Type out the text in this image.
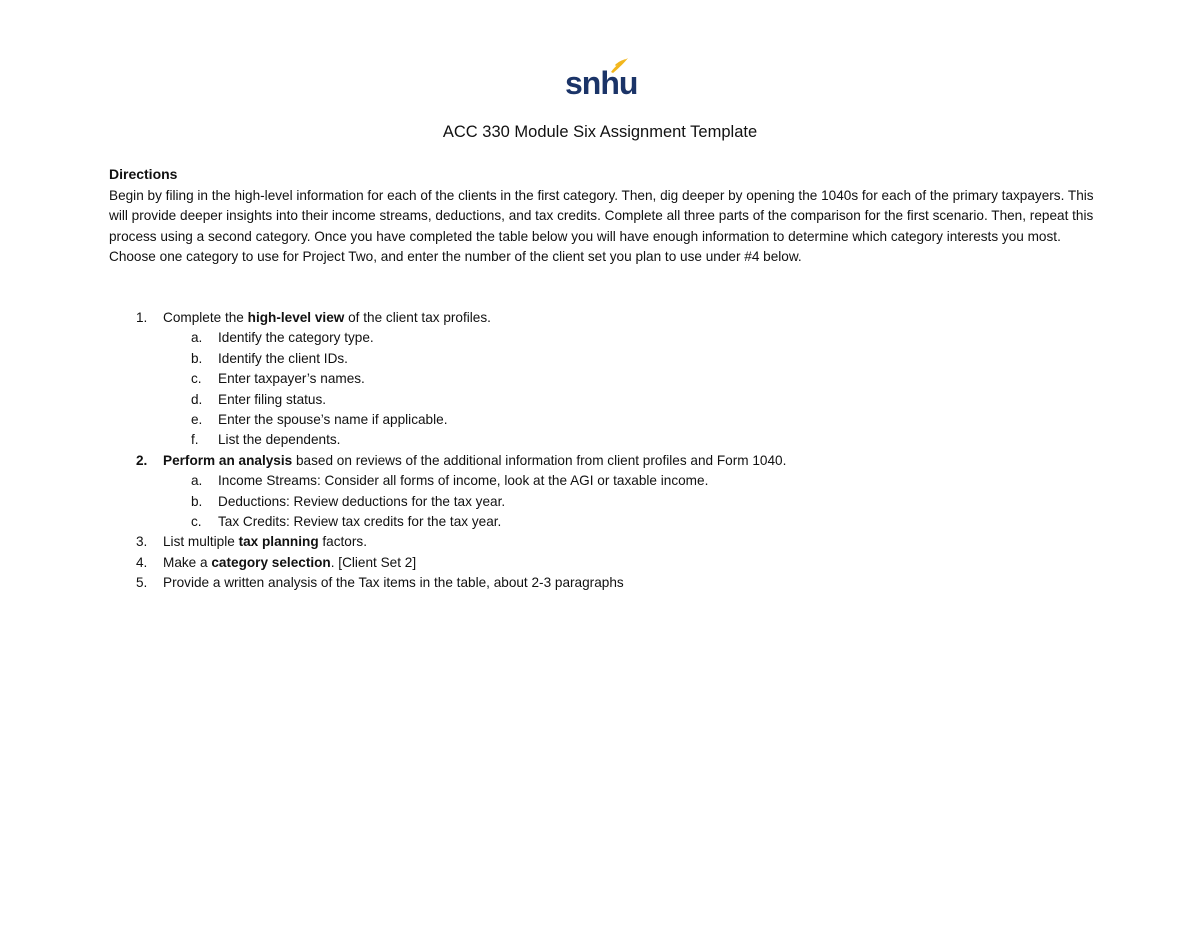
snhu
ACC 330 Module Six Assignment Template
Directions
Begin by filing in the high-level information for each of the clients in the first category. Then, dig deeper by opening the 1040s for each of the primary taxpayers. This will provide deeper insights into their income streams, deductions, and tax credits. Complete all three parts of the comparison for the first scenario. Then, repeat this process using a second category. Once you have completed the table below you will have enough information to determine which category interests you most. Choose one category to use for Project Two, and enter the number of the client set you plan to use under #4 below.
1. Complete the high-level view of the client tax profiles.
a. Identify the category type.
b. Identify the client IDs.
c. Enter taxpayer’s names.
d. Enter filing status.
e. Enter the spouse’s name if applicable.
f. List the dependents.
2. Perform an analysis based on reviews of the additional information from client profiles and Form 1040.
a. Income Streams: Consider all forms of income, look at the AGI or taxable income.
b. Deductions: Review deductions for the tax year.
c. Tax Credits: Review tax credits for the tax year.
3. List multiple tax planning factors.
4. Make a category selection. [Client Set 2]
5. Provide a written analysis of the Tax items in the table, about 2-3 paragraphs
